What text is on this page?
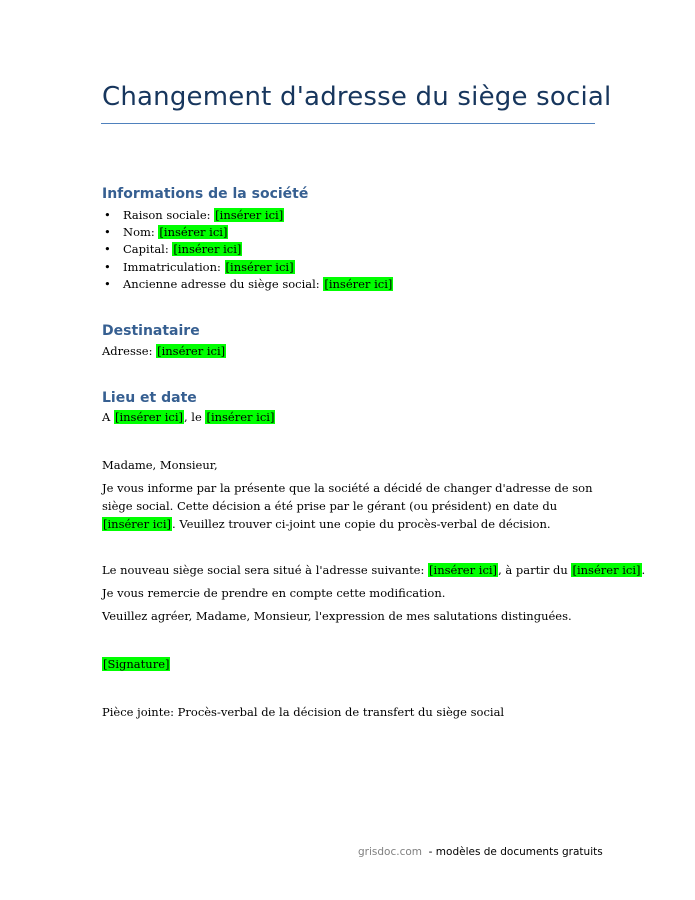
Changement d'adresse du siège social
Informations de la société
• Raison sociale: [insérer ici]
• Nom: [insérer ici]
• Capital: [insérer ici]
• Immatriculation: [insérer ici]
• Ancienne adresse du siège social: [insérer ici]
Destinataire
Adresse: [insérer ici]
Lieu et date
A [insérer ici], le [insérer ici]
Madame, Monsieur,
Je vous informe par la présente que la société a décidé de changer d'adresse de son siège social. Cette décision a été prise par le gérant (ou président) en date du [insérer ici]. Veuillez trouver ci-joint une copie du procès-verbal de décision.
Le nouveau siège social sera situé à l'adresse suivante: [insérer ici], à partir du [insérer ici].
Je vous remercie de prendre en compte cette modification.
Veuillez agréer, Madame, Monsieur, l'expression de mes salutations distinguées.
[Signature]
Pièce jointe: Procès-verbal de la décision de transfert du siège social
grisdoc.com  - modèles de documents gratuits
